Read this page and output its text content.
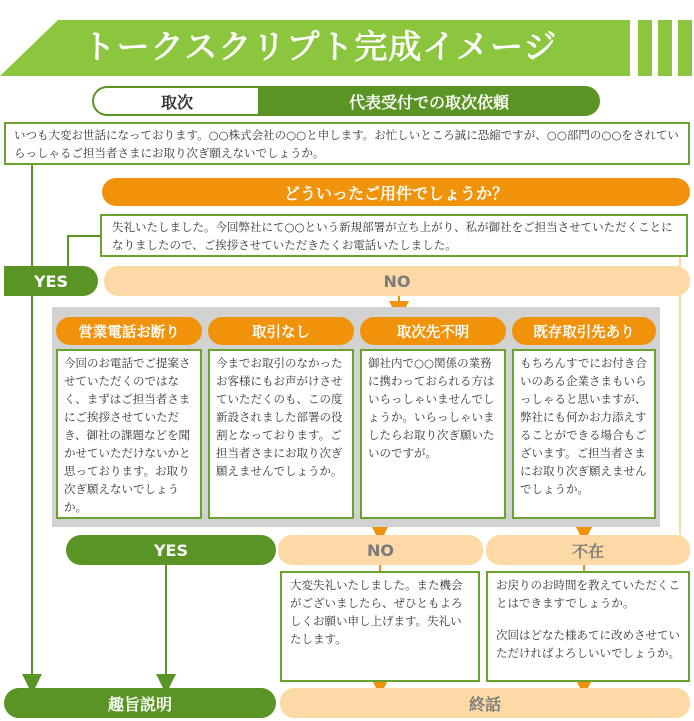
トークスクリプト完成イメージ
取次	代表受付での取次依頼
いつも大変お世話になっております。○○株式会社の○○と申します。お忙しいところ誠に恐縮ですが、○○部門の○○をされていらっしゃるご担当者さまにお取り次ぎ願えないでしょうか。
どういったご用件でしょうか？
失礼いたしました。今回弊社にて○○という新規部署が立ち上がり、私が御社をご担当させていただくことになりましたので、ご挨拶させていただきたくお電話いたしました。
YES	NO
営業電話お断り	取引なし	取次先不明	既存取引先あり
今回のお電話でご提案させていただくのではなく、まずはご担当者さまにご挨拶させていただき、御社の課題などを聞かせていただけないかと思っております。お取り次ぎ願えないでしょうか。
今までお取引のなかったお客様にもお声がけさせていただくのも、この度新設されました部署の役割となっております。ご担当者さまにお取り次ぎ願えませんでしょうか。
御社内で○○関係の業務に携わっておられる方はいらっしゃいませんでしょうか。いらっしゃいましたらお取り次ぎ願いたいのですが。
もちろんすでにお付き合いのある企業さまもいらっしゃると思いますが、弊社にも何かお力添えすることができる場合もございます。ご担当者さまにお取り次ぎ願えませんでしょうか。
YES	NO	不在
大変失礼いたしました。また機会がございましたら、ぜひともよろしくお願い申し上げます。失礼いたします。
お戻りのお時間を教えていただくことはできますでしょうか。
次回はどなた様あてに改めさせていただければよろしいいでしょうか。
趣旨説明	終話
